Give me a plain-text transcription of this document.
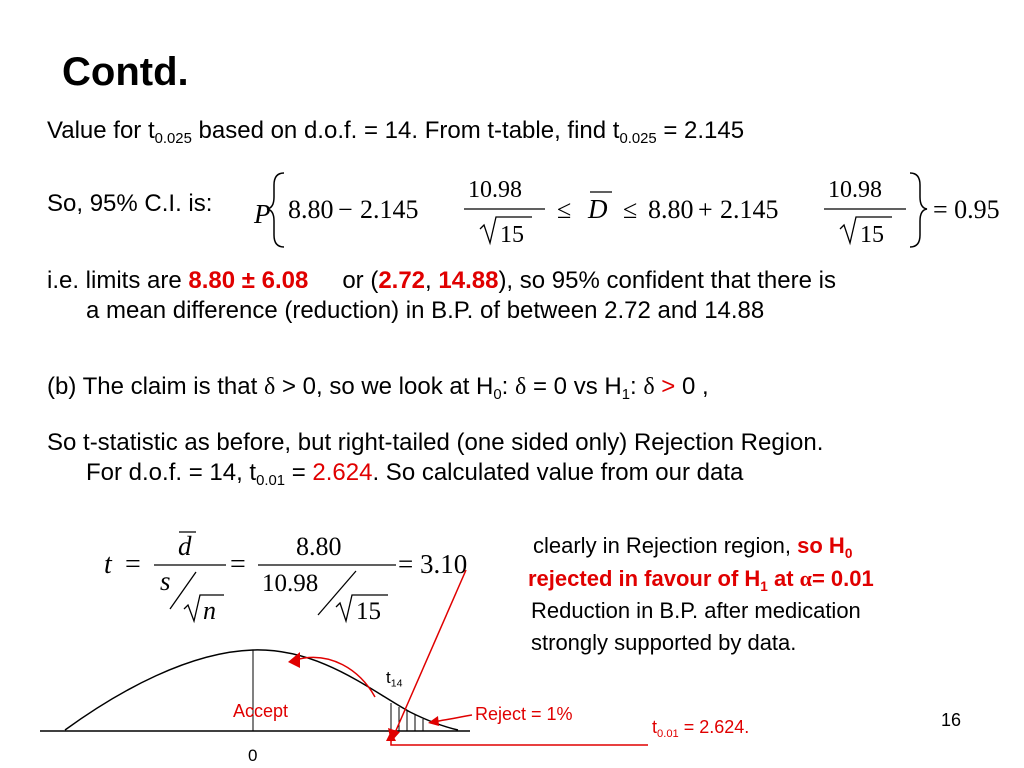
Contd.
Value for $t_{0.025}$ based on d.o.f. = 14. From t-table, find $t_{0.025} = 2.145$
So, 95% C.I. is: P 8.80 − 2.145
10.98
15
≤ D ≤ 8.80 + 2.145
10.98
15
= 0.95
i.e. limits are 8.80 ± 6.08 or (2.72, 14.88), so 95% confident that there is
a mean difference (reduction) in B.P. of between 2.72 and 14.88
(b) The claim is that δ > 0, so we look at $H_0$: δ = 0 vs $H_1$: δ > 0 ,
So t-statistic as before, but right-tailed (one sided only) Rejection Region.
For d.o.f. = 14, $t_{0.01} = 2.624$. So calculated value from our data
t =
d
s
n
=
8.80
10.98
15
= 3.10
clearly in Rejection region, so $H_0$
rejected in favour of $H_1$ at α= 0.01
Reduction in B.P. after medication
strongly supported by data.
$t_{14}$
Accept	Reject = 1%
0
$t_{0.01} = 2.624$.	16
